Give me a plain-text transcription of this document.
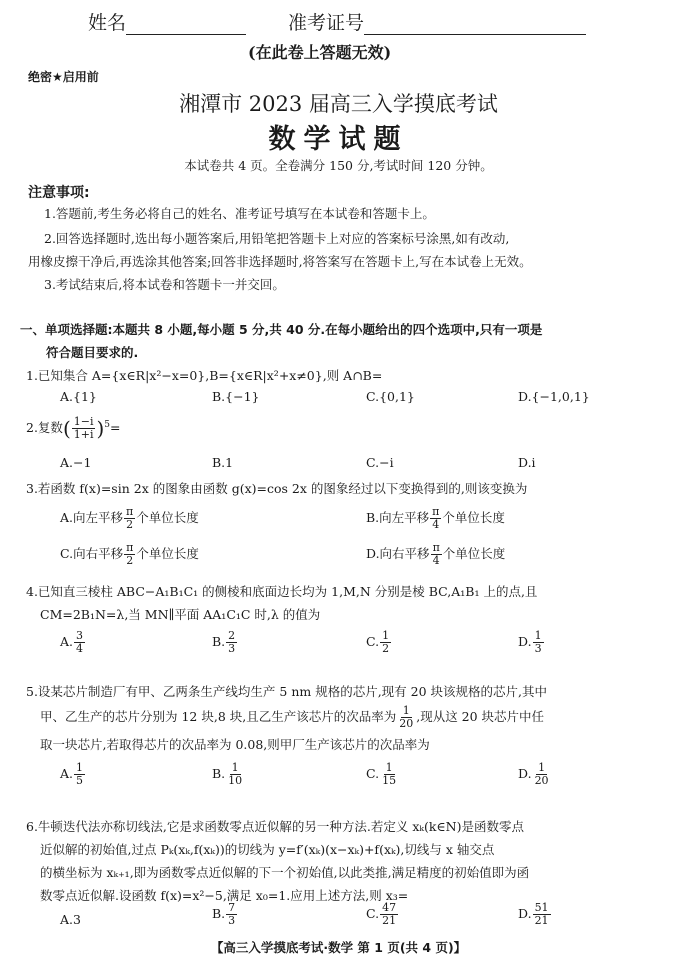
姓名	准考证号
(在此卷上答题无效)
绝密★启用前
湘潭市 2023 届高三入学摸底考试
数学试题
本试卷共 4 页。全卷满分 150 分,考试时间 120 分钟。
注意事项:
1.答题前,考生务必将自己的姓名、准考证号填写在本试卷和答题卡上。
2.回答选择题时,选出每小题答案后,用铅笔把答题卡上对应的答案标号涂黑,如有改动,
用橡皮擦干净后,再选涂其他答案;回答非选择题时,将答案写在答题卡上,写在本试卷上无效。
3.考试结束后,将本试卷和答题卡一并交回。
一、单项选择题:本题共 8 小题,每小题 5 分,共 40 分.在每小题给出的四个选项中,只有一项是
符合题目要求的.
1.已知集合 A={x∈R|x²−x=0},B={x∈R|x²+x≠0},则 A∩B=
A.{1}	B.{−1}	C.{0,1}	D.{−1,0,1}
2.复数( $\frac{1-i}{1+i} )^5=$
A.−1	B.1	C.−i	D.i
3.若函数 f(x)=sin 2x 的图象由函数 g(x)=cos 2x 的图象经过以下变换得到的,则该变换为
A.向左平移 $\frac{\pi}{2}$ 个单位长度	B.向左平移 $\frac{\pi}{4}$ 个单位长度
C.向右平移 $\frac{\pi}{2}$ 个单位长度	D.向右平移 $\frac{\pi}{4}$ 个单位长度
4.已知直三棱柱 ABC−A₁B₁C₁ 的侧棱和底面边长均为 1,M,N 分别是棱 BC,A₁B₁ 上的点,且
CM=2B₁N=λ,当 MN∥平面 AA₁C₁C 时,λ 的值为
A. $\frac{3}{4}$	B. $\frac{2}{3}$	C. $\frac{1}{2}$	D. $\frac{1}{3}$
5.设某芯片制造厂有甲、乙两条生产线均生产 5 nm 规格的芯片,现有 20 块该规格的芯片,其中
甲、乙生产的芯片分别为 12 块,8 块,且乙生产该芯片的次品率为 $\frac{1}{20}$ ,现从这 20 块芯片中任
取一块芯片,若取得芯片的次品率为 0.08,则甲厂生产该芯片的次品率为
A. $\frac{1}{5}$	B. $\frac{1}{10}$	C. $\frac{1}{15}$	D. $\frac{1}{20}$
6.牛顿迭代法亦称切线法,它是求函数零点近似解的另一种方法.若定义 xₖ(k∈N)是函数零点
近似解的初始值,过点 Pₖ(xₖ,f(xₖ))的切线为 y=f′(xₖ)(x−xₖ)+f(xₖ),切线与 x 轴交点
的横坐标为 xₖ₊₁,即为函数零点近似解的下一个初始值,以此类推,满足精度的初始值即为函
数零点近似解.设函数 f(x)=x²−5,满足 x₀=1.应用上述方法,则 x₃=
A.3	B. $\frac{7}{3}$	C. $\frac{47}{21}$	D. $\frac{51}{21}$
【高三入学摸底考试·数学 第 1 页(共 4 页)】
